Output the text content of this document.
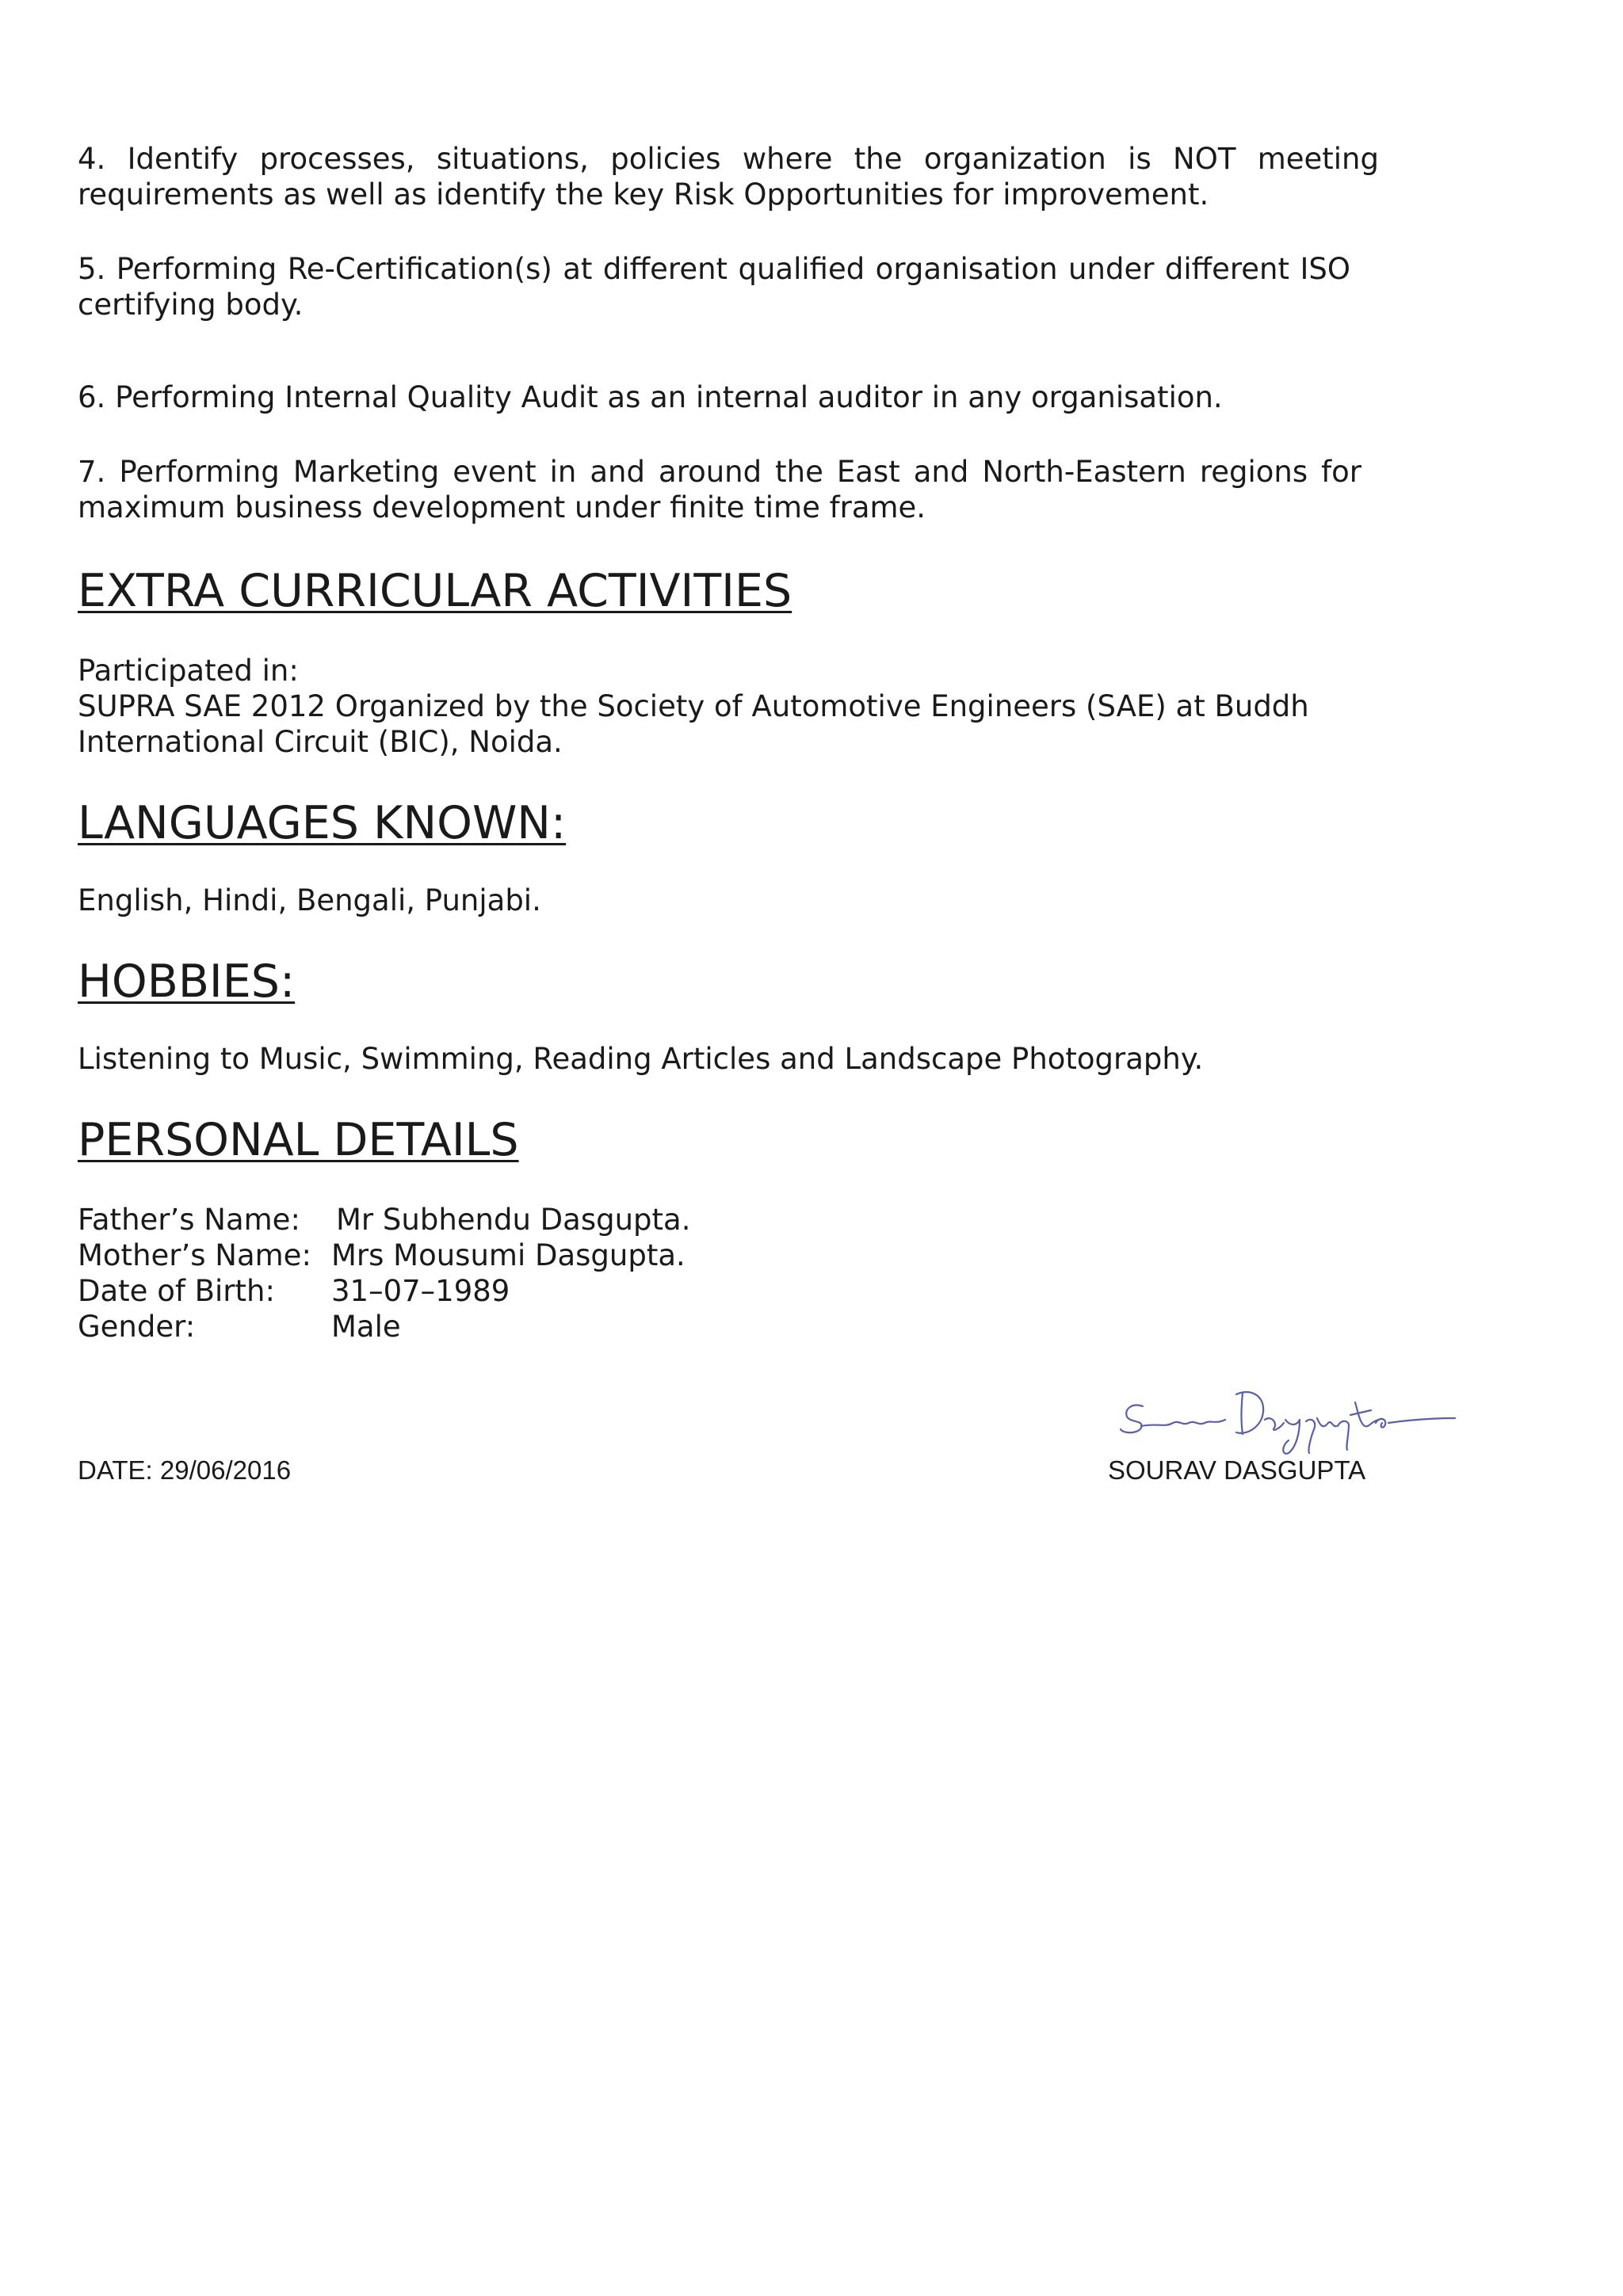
4. Identify processes, situations, policies where the organization is NOT meeting requirements as well as identify the key Risk Opportunities for improvement.

5. Performing Re-Certification(s) at different qualified organisation under different ISO certifying body.

6. Performing Internal Quality Audit as an internal auditor in any organisation.

7. Performing Marketing event in and around the East and North-Eastern regions for maximum business development under finite time frame.

EXTRA CURRICULAR ACTIVITIES

Participated in:

SUPRA SAE 2012 Organized by the Society of Automotive Engineers (SAE) at Buddh

International Circuit (BIC), Noida.

LANGUAGES KNOWN:

English, Hindi, Bengali, Punjabi.

HOBBIES:

Listening to Music, Swimming, Reading Articles and Landscape Photography.

PERSONAL DETAILS
Father’s Name: Mr Subhendu Dasgupta.
Mother’s Name: Mrs Mousumi Dasgupta.
Date of Birth: 31–07–1989
Gender:	Male
DATE: 29/06/2016	SOURAV DASGUPTA
